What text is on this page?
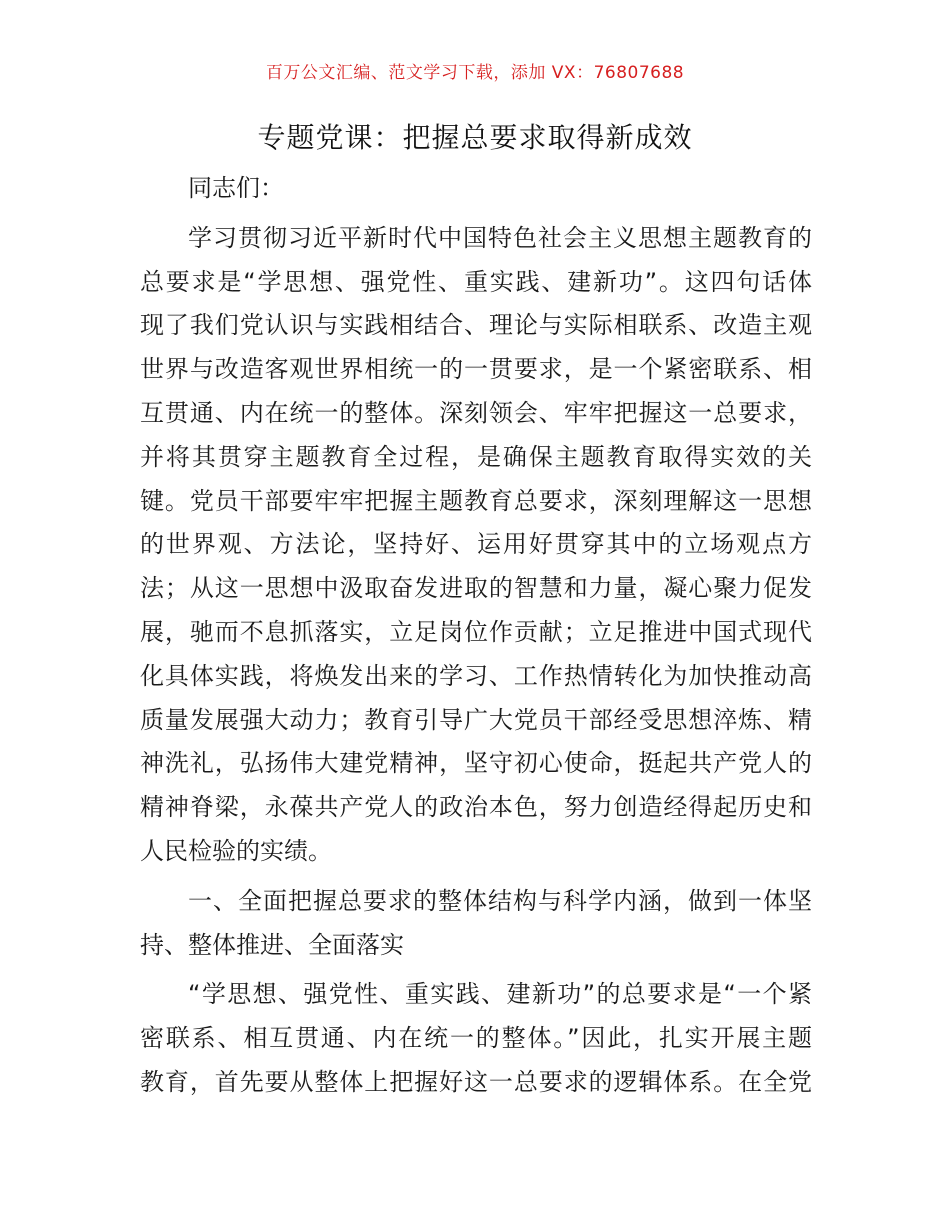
百万公文汇编、范文学习下载，添加 VX：76807688
专题党课：把握总要求取得新成效
同志们：
学习贯彻习近平新时代中国特色社会主义思想主题教育的
总要求是“学思想、强党性、重实践、建新功”。这四句话体
现了我们党认识与实践相结合、理论与实际相联系、改造主观
世界与改造客观世界相统一的一贯要求，是一个紧密联系、相
互贯通、内在统一的整体。深刻领会、牢牢把握这一总要求，
并将其贯穿主题教育全过程，是确保主题教育取得实效的关
键。党员干部要牢牢把握主题教育总要求，深刻理解这一思想
的世界观、方法论，坚持好、运用好贯穿其中的立场观点方
法；从这一思想中汲取奋发进取的智慧和力量，凝心聚力促发
展，驰而不息抓落实，立足岗位作贡献；立足推进中国式现代
化具体实践，将焕发出来的学习、工作热情转化为加快推动高
质量发展强大动力；教育引导广大党员干部经受思想淬炼、精
神洗礼，弘扬伟大建党精神，坚守初心使命，挺起共产党人的
精神脊梁，永葆共产党人的政治本色，努力创造经得起历史和
人民检验的实绩。
一、全面把握总要求的整体结构与科学内涵，做到一体坚
持、整体推进、全面落实
“学思想、强党性、重实践、建新功”的总要求是“一个紧
密联系、相互贯通、内在统一的整体。”因此，扎实开展主题
教育，首先要从整体上把握好这一总要求的逻辑体系。在全党
